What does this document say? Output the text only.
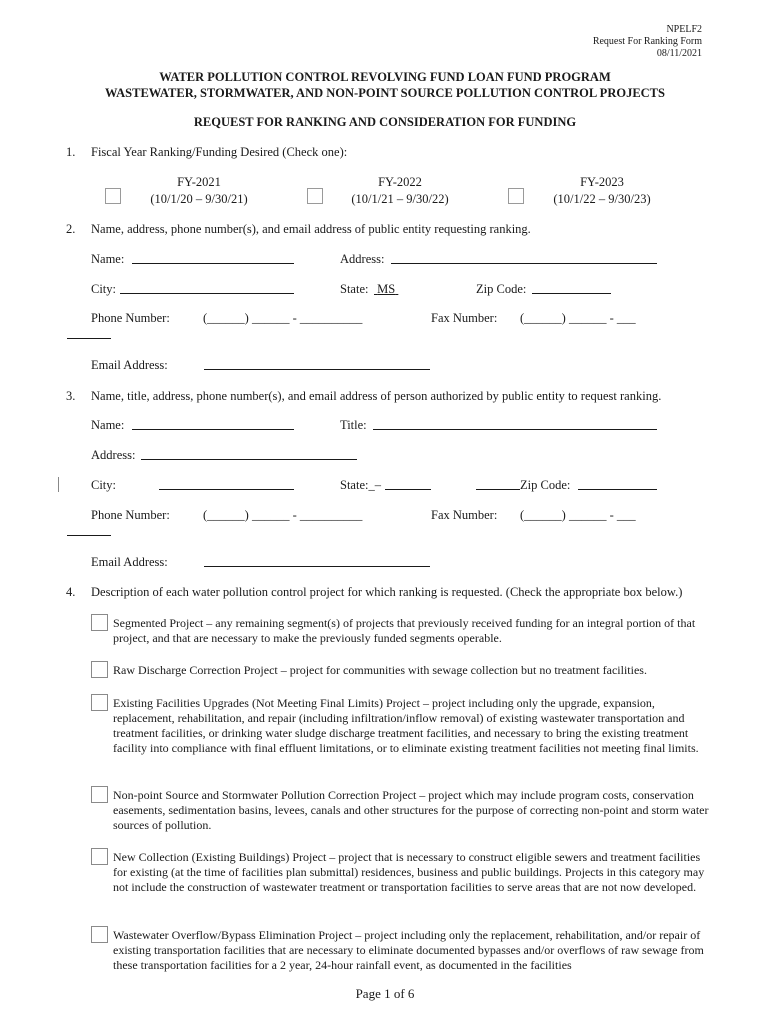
NPELF2
Request For Ranking Form
08/11/2021
WATER POLLUTION CONTROL REVOLVING FUND LOAN FUND PROGRAM
WASTEWATER, STORMWATER, AND NON-POINT SOURCE POLLUTION CONTROL PROJECTS
REQUEST FOR RANKING AND CONSIDERATION FOR FUNDING
1. Fiscal Year Ranking/Funding Desired (Check one):
FY-2021
(10/1/20 – 9/30/21)
FY-2022
(10/1/21 – 9/30/22)
FY-2023
(10/1/22 – 9/30/23)
2. Name, address, phone number(s), and email address of public entity requesting ranking.
Name:	Address:
City:	State: MS	Zip Code:
Phone Number:	(______) ______ - __________	Fax Number: (______) ______ - ___
Email Address:
3. Name, title, address, phone number(s), and email address of person authorized by public entity to request ranking.
Name:	Title:
Address:
City:	State:_–	Zip Code:
Phone Number:	(______) ______ - __________	Fax Number: (______) ______ - ___
Email Address:
4. Description of each water pollution control project for which ranking is requested. (Check the appropriate box below.)
Segmented Project – any remaining segment(s) of projects that previously received funding for an integral portion of that project, and that are necessary to make the previously funded segments operable.
Raw Discharge Correction Project – project for communities with sewage collection but no treatment facilities.
Existing Facilities Upgrades (Not Meeting Final Limits) Project – project including only the upgrade, expansion, replacement, rehabilitation, and repair (including infiltration/inflow removal) of existing wastewater transportation and treatment facilities, or drinking water sludge discharge treatment facilities, and necessary to bring the existing treatment facility into compliance with final effluent limitations, or to eliminate existing treatment facilities not meeting final limits.
Non-point Source and Stormwater Pollution Correction Project – project which may include program costs, conservation easements, sedimentation basins, levees, canals and other structures for the purpose of correcting non-point and storm water sources of pollution.
New Collection (Existing Buildings) Project – project that is necessary to construct eligible sewers and treatment facilities for existing (at the time of facilities plan submittal) residences, business and public buildings. Projects in this category may not include the construction of wastewater treatment or transportation facilities to serve areas that are not now developed.
Wastewater Overflow/Bypass Elimination Project – project including only the replacement, rehabilitation, and/or repair of existing transportation facilities that are necessary to eliminate documented bypasses and/or overflows of raw sewage from these transportation facilities for a 2 year, 24-hour rainfall event, as documented in the facilities
Page 1 of 6
